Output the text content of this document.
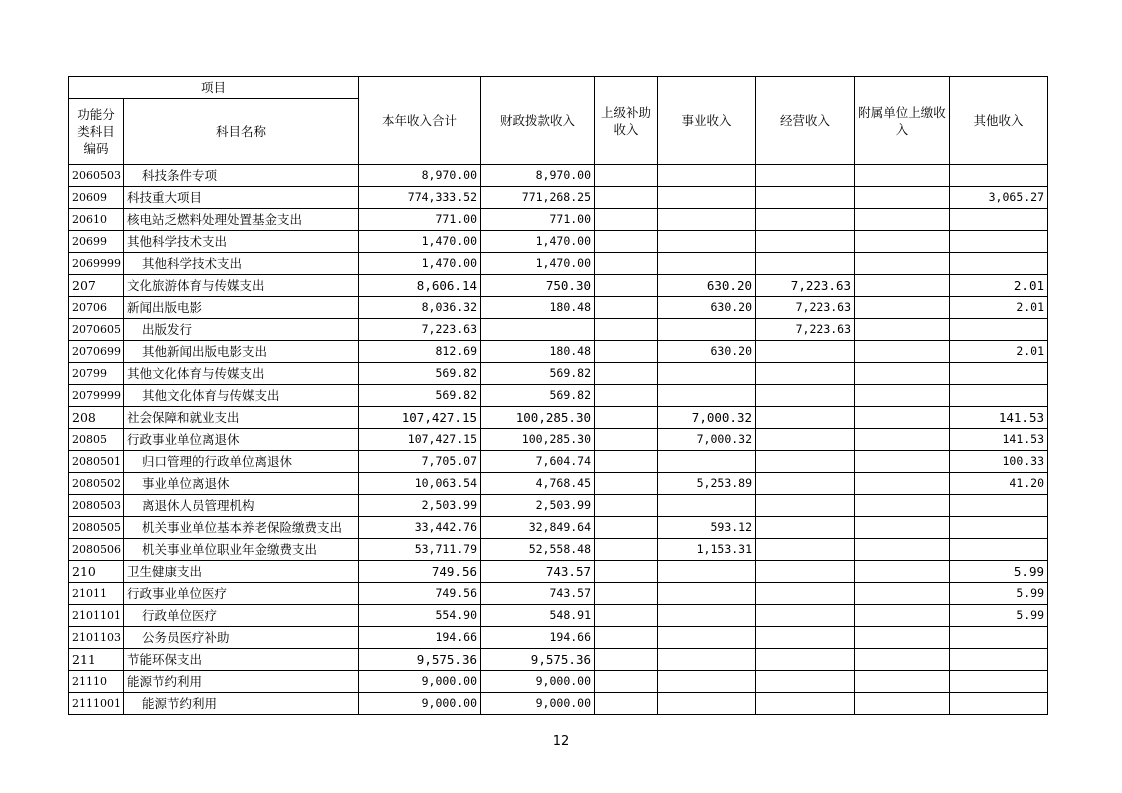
项目		本年收入合计	财政拨款收入	上级补助收入	事业收入	经营收入	附属单位上缴收入	其他收入
功能分类科目编码	科目名称							
2060503	科技条件专项	8,970.00	8,970.00					
20609	科技重大项目	774,333.52	771,268.25					3,065.27
20610	核电站乏燃料处理处置基金支出	771.00	771.00					
20699	其他科学技术支出	1,470.00	1,470.00					
2069999	其他科学技术支出	1,470.00	1,470.00					
207	文化旅游体育与传媒支出	8,606.14	750.30		630.20	7,223.63		2.01
20706	新闻出版电影	8,036.32	180.48		630.20	7,223.63		2.01
2070605	出版发行	7,223.63				7,223.63		
2070699	其他新闻出版电影支出	812.69	180.48		630.20			2.01
20799	其他文化体育与传媒支出	569.82	569.82					
2079999	其他文化体育与传媒支出	569.82	569.82					
208	社会保障和就业支出	107,427.15	100,285.30		7,000.32			141.53
20805	行政事业单位离退休	107,427.15	100,285.30		7,000.32			141.53
2080501	归口管理的行政单位离退休	7,705.07	7,604.74					100.33
2080502	事业单位离退休	10,063.54	4,768.45		5,253.89			41.20
2080503	离退休人员管理机构	2,503.99	2,503.99					
2080505	机关事业单位基本养老保险缴费支出	33,442.76	32,849.64		593.12			
2080506	机关事业单位职业年金缴费支出	53,711.79	52,558.48		1,153.31			
210	卫生健康支出	749.56	743.57					5.99
21011	行政事业单位医疗	749.56	743.57					5.99
2101101	行政单位医疗	554.90	548.91					5.99
2101103	公务员医疗补助	194.66	194.66					
211	节能环保支出	9,575.36	9,575.36					
21110	能源节约利用	9,000.00	9,000.00					
2111001	能源节约利用	9,000.00	9,000.00					
12
